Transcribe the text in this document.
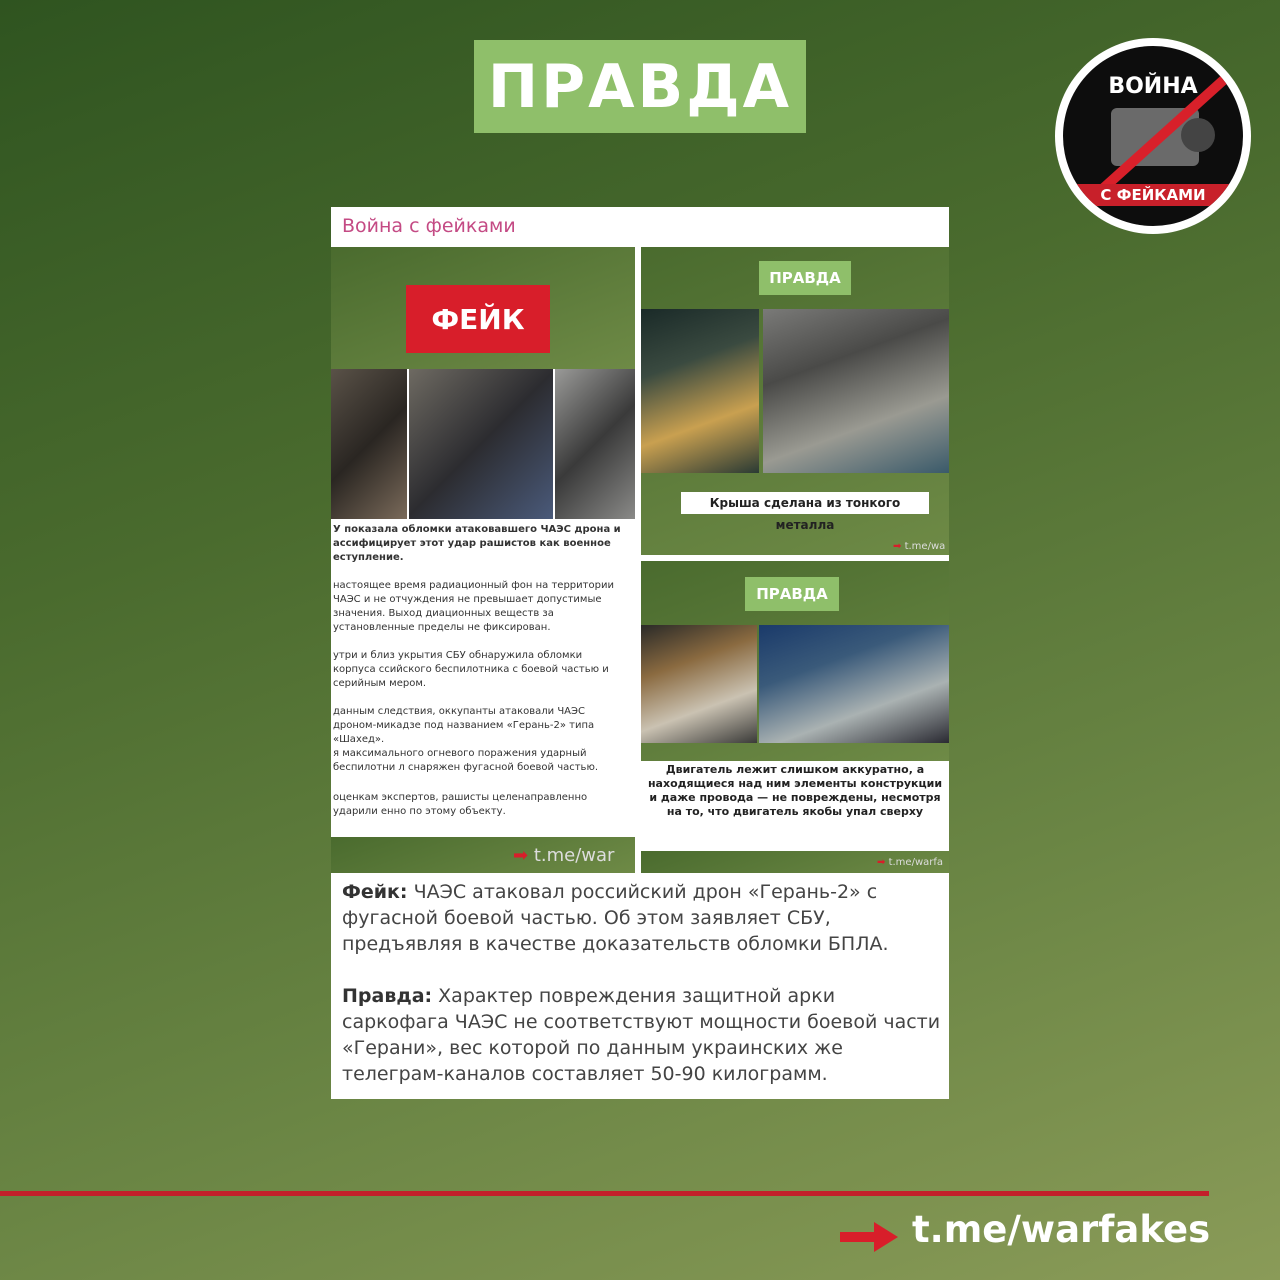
ПРАВДА	ВОЙНА
С ФЕЙКАМИ
Война с фейками
ФЕЙК
У показала обломки атаковавшего ЧАЭС дрона и ассифицирует этот удар рашистов как военное еступление.
настоящее время радиационный фон на территории ЧАЭС и не отчуждения не превышает допустимые значения. Выход диационных веществ за установленные пределы не фиксирован.
утри и близ укрытия СБУ обнаружила обломки корпуса ссийского беспилотника с боевой частью и серийным мером.
данным следствия, оккупанты атаковали ЧАЭС дроном-микадзе под названием «Герань-2» типа «Шахед».
я максимального огневого поражения ударный беспилотни л снаряжен фугасной боевой частью.
оценкам экспертов, рашисты целенаправленно ударили енно по этому объекту.
➡ t.me/war
ПРАВДА
Крыша сделана из тонкого металла
➡ t.me/wa
ПРАВДА
Двигатель лежит слишком аккуратно, а находящиеся над ним элементы конструкции и даже провода — не повреждены, несмотря на то, что двигатель якобы упал сверху
➡ t.me/warfa
Фейк: ЧАЭС атаковал российский дрон «Герань-2» с фугасной боевой частью. Об этом заявляет СБУ, предъявляя в качестве доказательств обломки БПЛА.
Правда: Характер повреждения защитной арки саркофага ЧАЭС не соответствуют мощности боевой части «Герани», вес которой по данным украинских же телеграм-каналов составляет 50-90 килограмм.
t.me/warfakes
